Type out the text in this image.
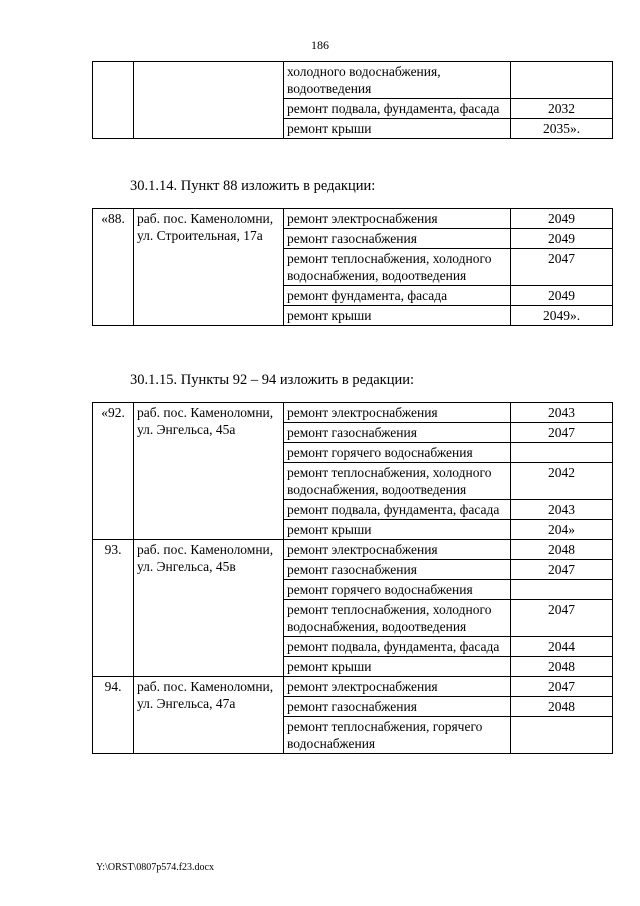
186
		холодного водоснабжения, водоотведения	
		ремонт подвала, фундамента, фасада	2032
		ремонт крыши	2035».
30.1.14. Пункт 88 изложить в редакции:
«88.	раб. пос. Каменоломни, ул. Строительная, 17а	ремонт электроснабжения	2049
		ремонт газоснабжения	2049
		ремонт теплоснабжения, холодного водоснабжения, водоотведения	2047
		ремонт фундамента, фасада	2049
		ремонт крыши	2049».
30.1.15. Пункты 92 – 94 изложить в редакции:
«92.	раб. пос. Каменоломни, ул. Энгельса, 45а	ремонт электроснабжения	2043
		ремонт газоснабжения	2047
		ремонт горячего водоснабжения	
		ремонт теплоснабжения, холодного водоснабжения, водоотведения	2042
		ремонт подвала, фундамента, фасада	2043
		ремонт крыши	204»
93.	раб. пос. Каменоломни, ул. Энгельса, 45в	ремонт электроснабжения	2048
		ремонт газоснабжения	2047
		ремонт горячего водоснабжения	
		ремонт теплоснабжения, холодного водоснабжения, водоотведения	2047
		ремонт подвала, фундамента, фасада	2044
		ремонт крыши	2048
94.	раб. пос. Каменоломни, ул. Энгельса, 47а	ремонт электроснабжения	2047
		ремонт газоснабжения	2048
		ремонт теплоснабжения, горячего водоснабжения	
Y:\ORST\0807p574.f23.docx
